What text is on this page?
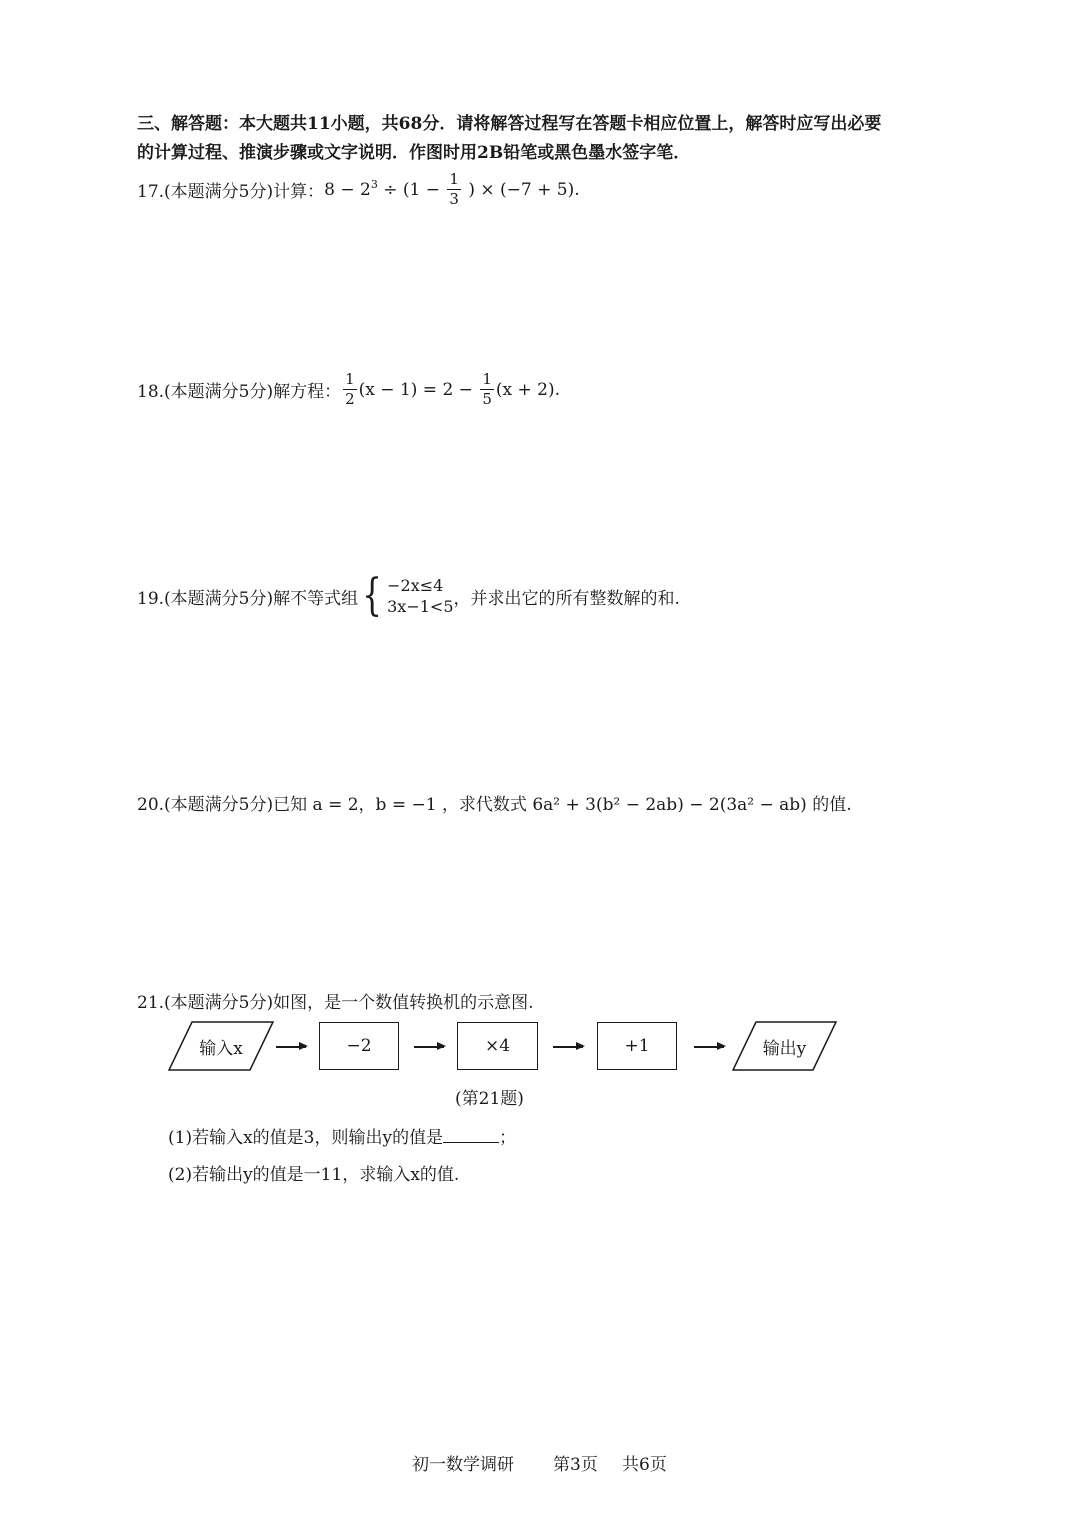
三、解答题：本大题共11小题，共68分．请将解答过程写在答题卡相应位置上，解答时应写出必要
的计算过程、推演步骤或文字说明．作图时用2B铅笔或黑色墨水签字笔．
17.(本题满分5分)计算： $8 - 2^3 \div (1 - \frac{1}{3}$ ) × (−7 + 5).
18.(本题满分5分)解方程： $\frac{1}{2} (x - 1) = 2 - \frac{1}{5} (x + 2)$.
19.(本题满分5分)解不等式组 { −2x≤4
3x−1<5 ，并求出它的所有整数解的和.
20.(本题满分5分)已知 a = 2，b = −1 ，求代数式 6a² + 3(b² − 2ab) − 2(3a² − ab) 的值.
21.(本题满分5分)如图，是一个数值转换机的示意图.
输入x	−2	×4	+1	输出y
(第21题)
(1)若输入x的值是3，则输出y的值是	；
(2)若输出y的值是一11，求输入x的值.
初一数学调研 第3页 共6页
